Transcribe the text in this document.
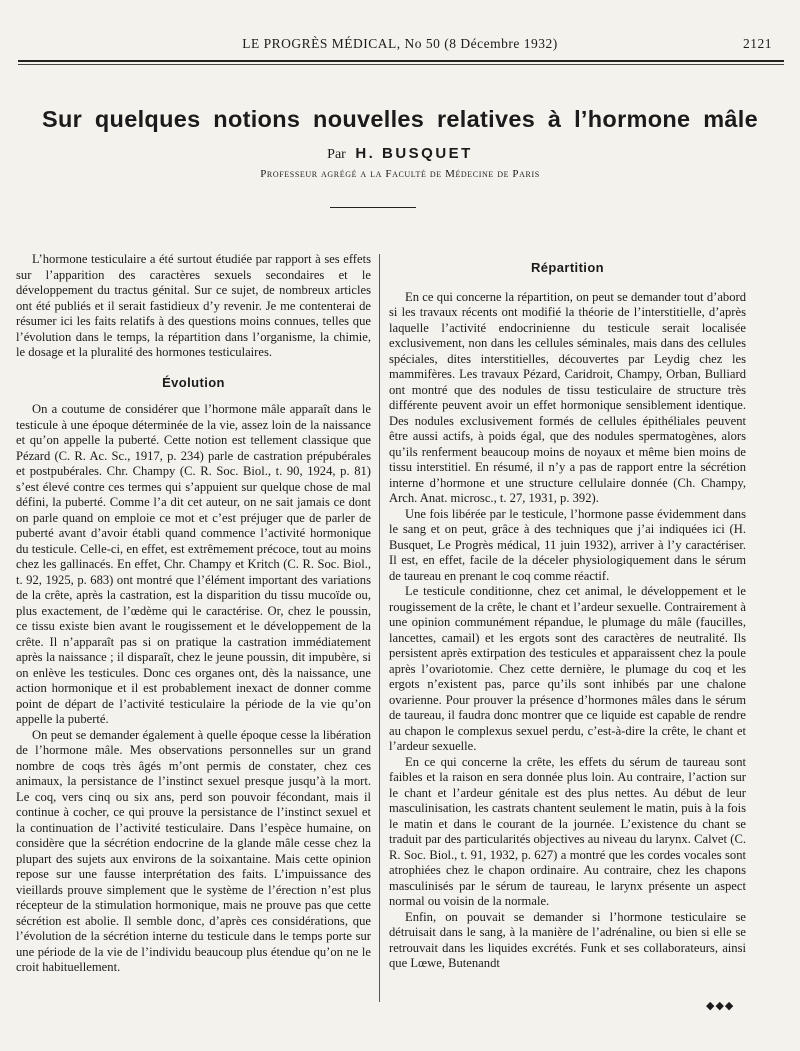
LE PROGRÈS MÉDICAL, No 50 (8 Décembre 1932)	2121
Sur quelques notions nouvelles relatives à l’hormone mâle
Par H. BUSQUET
Professeur agrégé a la Faculté de Médecine de Paris

L’hormone testiculaire a été surtout étudiée par rapport à ses effets sur l’apparition des caractères sexuels secondaires et le développement du tractus génital. Sur ce sujet, de nombreux articles ont été publiés et il serait fastidieux d’y revenir. Je me contenterai de résumer ici les faits relatifs à des questions moins connues, telles que l’évolution dans le temps, la répartition dans l’organisme, la chimie, le dosage et la pluralité des hormones testiculaires.

Évolution

On a coutume de considérer que l’hormone mâle apparaît dans le testicule à une époque déterminée de la vie, assez loin de la naissance et qu’on appelle la puberté. Cette notion est tellement classique que Pézard (C. R. Ac. Sc., 1917, p. 234) parle de castration prépubérales et postpubérales. Chr. Champy (C. R. Soc. Biol., t. 90, 1924, p. 81) s’est élevé contre ces termes qui s’appuient sur quelque chose de mal défini, la puberté. Comme l’a dit cet auteur, on ne sait jamais ce dont on parle quand on emploie ce mot et c’est préjuger que de parler de puberté avant d’avoir établi quand commence l’activité hormonique du testicule. Celle-ci, en effet, est extrêmement précoce, tout au moins chez les gallinacés. En effet, Chr. Champy et Kritch (C. R. Soc. Biol., t. 92, 1925, p. 683) ont montré que l’élément important des variations de la crête, après la castration, est la disparition du tissu mucoïde ou, plus exactement, de l’œdème qui le caractérise. Or, chez le poussin, ce tissu existe bien avant le rougissement et le développement de la crête. Il n’apparaît pas si on pratique la castration immédiatement après la naissance ; il disparaît, chez le jeune poussin, dit impubère, si on enlève les testicules. Donc ces organes ont, dès la naissance, une action hormonique et il est probablement inexact de donner comme point de départ de l’activité testiculaire la période de la vie qu’on appelle la puberté.

On peut se demander également à quelle époque cesse la libération de l’hormone mâle. Mes observations personnelles sur un grand nombre de coqs très âgés m’ont permis de constater, chez ces animaux, la persistance de l’instinct sexuel presque jusqu’à la mort. Le coq, vers cinq ou six ans, perd son pouvoir fécondant, mais il continue à cocher, ce qui prouve la persistance de l’instinct sexuel et la continuation de l’activité testiculaire. Dans l’espèce humaine, on considère que la sécrétion endocrine de la glande mâle cesse chez la plupart des sujets aux environs de la soixantaine. Mais cette opinion repose sur une fausse interprétation des faits. L’impuissance des vieillards prouve simplement que le système de l’érection n’est plus récepteur de la stimulation hormonique, mais ne prouve pas que cette sécrétion est abolie. Il semble donc, d’après ces considérations, que l’évolution de la sécrétion interne du testicule dans le temps porte sur une période de la vie de l’individu beaucoup plus étendue qu’on ne le croit habituellement.

Répartition

En ce qui concerne la répartition, on peut se demander tout d’abord si les travaux récents ont modifié la théorie de l’interstitielle, d’après laquelle l’activité endocrinienne du testicule serait localisée exclusivement, non dans les cellules séminales, mais dans des cellules spéciales, dites interstitielles, découvertes par Leydig chez les mammifères. Les travaux Pézard, Caridroit, Champy, Orban, Bulliard ont montré que des nodules de tissu testiculaire de structure très différente peuvent avoir un effet hormonique sensiblement identique. Des nodules exclusivement formés de cellules épithéliales peuvent être aussi actifs, à poids égal, que des nodules spermatogènes, alors qu’ils renferment beaucoup moins de noyaux et même bien moins de tissu interstitiel. En résumé, il n’y a pas de rapport entre la sécrétion interne d’hormone et une structure cellulaire donnée (Ch. Champy, Arch. Anat. microsc., t. 27, 1931, p. 392).

Une fois libérée par le testicule, l’hormone passe évidemment dans le sang et on peut, grâce à des techniques que j’ai indiquées ici (H. Busquet, Le Progrès médical, 11 juin 1932), arriver à l’y caractériser. Il est, en effet, facile de la déceler physiologiquement dans le sérum de taureau en prenant le coq comme réactif.

Le testicule conditionne, chez cet animal, le développement et le rougissement de la crête, le chant et l’ardeur sexuelle. Contrairement à une opinion communément répandue, le plumage du mâle (faucilles, lancettes, camail) et les ergots sont des caractères de neutralité. Ils persistent après extirpation des testicules et apparaissent chez la poule après l’ovariotomie. Chez cette dernière, le plumage du coq et les ergots n’existent pas, parce qu’ils sont inhibés par une chalone ovarienne. Pour prouver la présence d’hormones mâles dans le sérum de taureau, il faudra donc montrer que ce liquide est capable de rendre au chapon le complexus sexuel perdu, c’est-à-dire la crête, le chant et l’ardeur sexuelle.

En ce qui concerne la crête, les effets du sérum de taureau sont faibles et la raison en sera donnée plus loin. Au contraire, l’action sur le chant et l’ardeur génitale est des plus nettes. Au début de leur masculinisation, les castrats chantent seulement le matin, puis à la fois le matin et dans le courant de la journée. L’existence du chant se traduit par des particularités objectives au niveau du larynx. Calvet (C. R. Soc. Biol., t. 91, 1932, p. 627) a montré que les cordes vocales sont atrophiées chez le chapon ordinaire. Au contraire, chez les chapons masculinisés par le sérum de taureau, le larynx présente un aspect normal ou voisin de la normale.

Enfin, on pouvait se demander si l’hormone testiculaire se détruisait dans le sang, à la manière de l’adrénaline, ou bien si elle se retrouvait dans les liquides excrétés. Funk et ses collaborateurs, ainsi que Lœwe, Butenandt

◆◆◆
